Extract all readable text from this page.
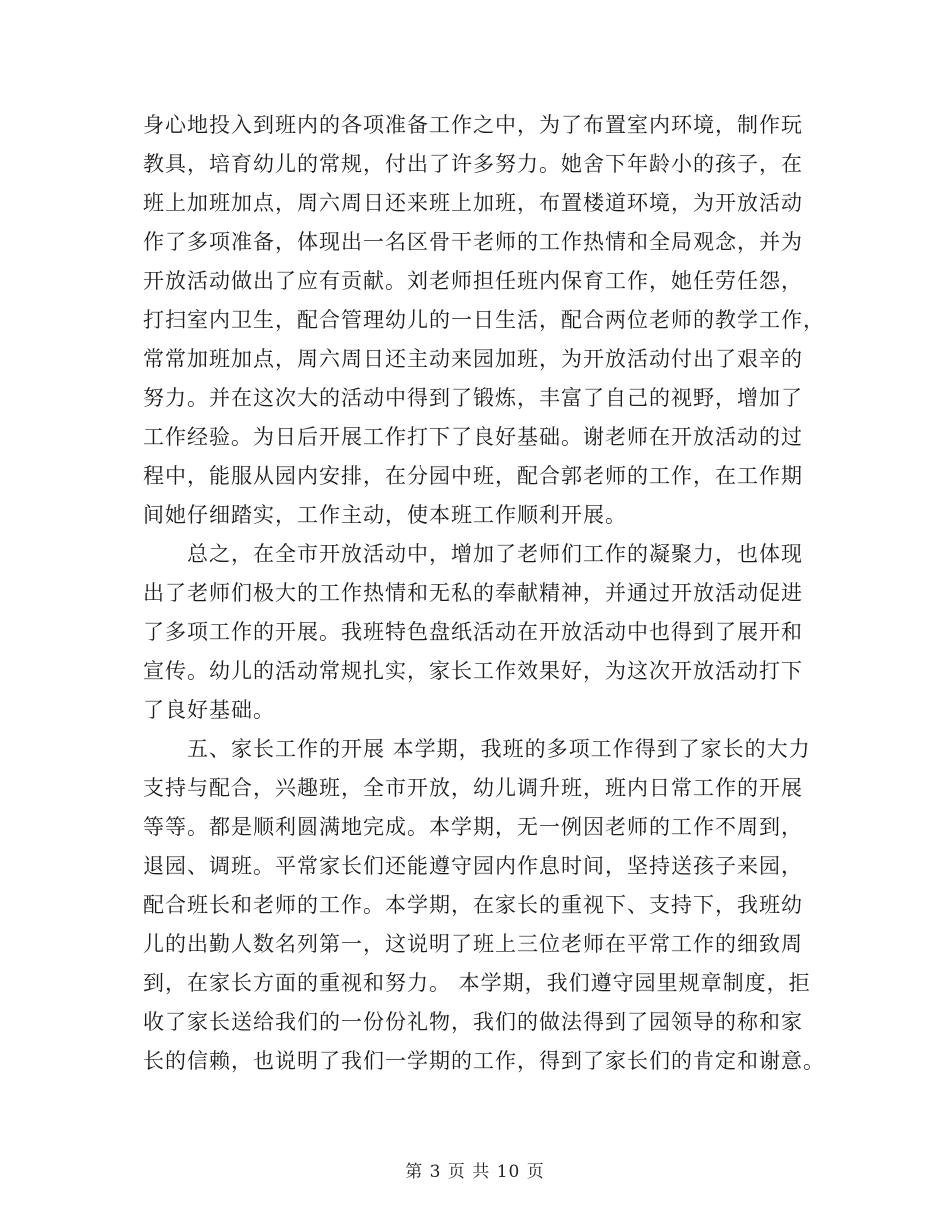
身心地投入到班内的各项准备工作之中，为了布置室内环境，制作玩
教具，培育幼儿的常规，付出了许多努力。她舍下年龄小的孩子，在
班上加班加点，周六周日还来班上加班，布置楼道环境，为开放活动
作了多项准备，体现出一名区骨干老师的工作热情和全局观念，并为
开放活动做出了应有贡献。刘老师担任班内保育工作，她任劳任怨，
打扫室内卫生，配合管理幼儿的一日生活，配合两位老师的教学工作，
常常加班加点，周六周日还主动来园加班，为开放活动付出了艰辛的
努力。并在这次大的活动中得到了锻炼，丰富了自己的视野，增加了
工作经验。为日后开展工作打下了良好基础。谢老师在开放活动的过
程中，能服从园内安排，在分园中班，配合郭老师的工作，在工作期
间她仔细踏实，工作主动，使本班工作顺利开展。
总之，在全市开放活动中，增加了老师们工作的凝聚力，也体现
出了老师们极大的工作热情和无私的奉献精神，并通过开放活动促进
了多项工作的开展。我班特色盘纸活动在开放活动中也得到了展开和
宣传。幼儿的活动常规扎实，家长工作效果好，为这次开放活动打下
了良好基础。
五、家长工作的开展 本学期，我班的多项工作得到了家长的大力
支持与配合，兴趣班，全市开放，幼儿调升班，班内日常工作的开展
等等。都是顺利圆满地完成。本学期，无一例因老师的工作不周到，
退园、调班。平常家长们还能遵守园内作息时间，坚持送孩子来园，
配合班长和老师的工作。本学期，在家长的重视下、支持下，我班幼
儿的出勤人数名列第一，这说明了班上三位老师在平常工作的细致周
到，在家长方面的重视和努力。 本学期，我们遵守园里规章制度，拒
收了家长送给我们的一份份礼物，我们的做法得到了园领导的称和家
长的信赖，也说明了我们一学期的工作，得到了家长们的肯定和谢意。
第 3 页 共 10 页
